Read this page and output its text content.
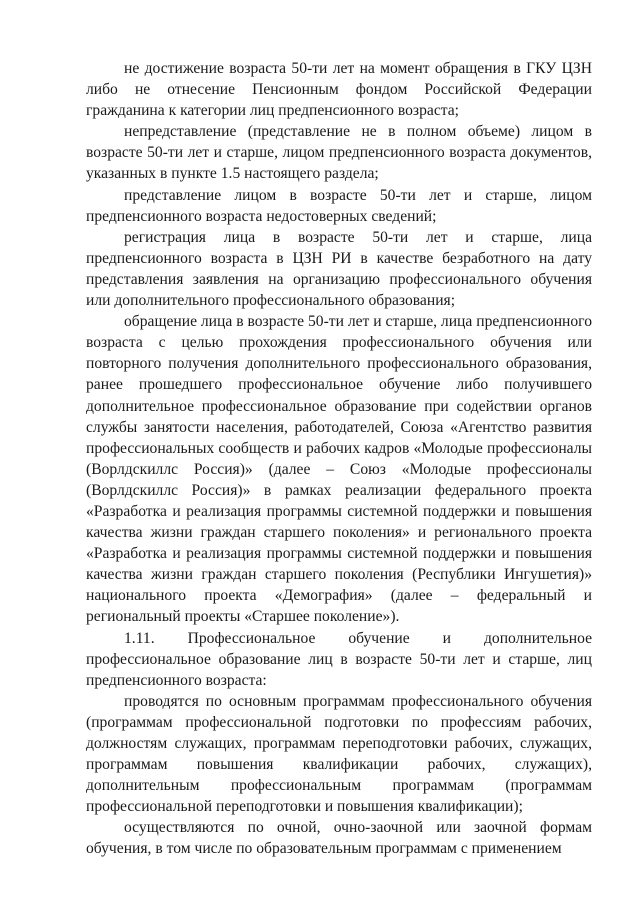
не достижение возраста 50-ти лет на момент обращения в ГКУ ЦЗН либо не отнесение Пенсионным фондом Российской Федерации гражданина к категории лиц предпенсионного возраста;

непредставление (представление не в полном объеме) лицом в возрасте 50-ти лет и старше, лицом предпенсионного возраста документов, указанных в пункте 1.5 настоящего раздела;

представление лицом в возрасте 50-ти лет и старше, лицом предпенсионного возраста недостоверных сведений;

регистрация лица в возрасте 50-ти лет и старше, лица предпенсионного возраста в ЦЗН РИ в качестве безработного на дату представления заявления на организацию профессионального обучения или дополнительного профессионального образования;

обращение лица в возрасте 50-ти лет и старше, лица предпенсионного возраста с целью прохождения профессионального обучения или повторного получения дополнительного профессионального образования, ранее прошедшего профессиональное обучение либо получившего дополнительное профессиональное образование при содействии органов службы занятости населения, работодателей, Союза «Агентство развития профессиональных сообществ и рабочих кадров «Молодые профессионалы (Ворлдскиллс Россия)» (далее – Союз «Молодые профессионалы (Ворлдскиллс Россия)» в рамках реализации федерального проекта «Разработка и реализация программы системной поддержки и повышения качества жизни граждан старшего поколения» и регионального проекта «Разработка и реализация программы системной поддержки и повышения качества жизни граждан старшего поколения (Республики Ингушетия)» национального проекта «Демография» (далее – федеральный и региональный проекты «Старшее поколение»).

1.11. Профессиональное обучение и дополнительное профессиональное образование лиц в возрасте 50-ти лет и старше, лиц предпенсионного возраста:

проводятся по основным программам профессионального обучения (программам профессиональной подготовки по профессиям рабочих, должностям служащих, программам переподготовки рабочих, служащих, программам повышения квалификации рабочих, служащих), дополнительным профессиональным программам (программам профессиональной переподготовки и повышения квалификации);

осуществляются по очной, очно-заочной или заочной формам обучения, в том числе по образовательным программам с применением
